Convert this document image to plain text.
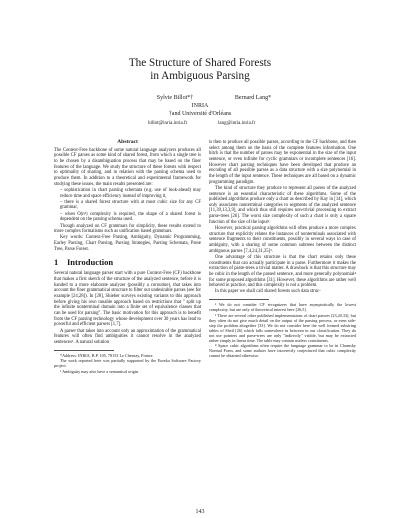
The Structure of Shared Forests
in Ambiguous Parsing
Sylvie Billot*†	Bernard Lang*
INRIA
†and Université d'Orléans
billot@inria.inria.fr	lang@inria.inria.fr
Abstract

The Context-Free backbone of some natural language analyzers produces all possible CF parses as some kind of shared forest, from which a single tree is to be chosen by a disambiguation process that may be based on the finer features of the language. We study the structure of these forests with respect to optimality of sharing, and in relation with the parsing schema used to produce them. In addition to a theoretical and experimental framework for studying these issues, the main results presented are:

– sophistication in chart parsing schemata (e.g. use of look-ahead) may reduce time and space efficiency instead of improving it,

– there is a shared forest structure with at most cubic size for any CF grammar,

– when O(n³) complexity is required, the shape of a shared forest is dependent on the parsing schema used.

Though analyzed on CF grammars for simplicity, these results extend to more complex formalisms such as unification based grammars.

Key words: Context-Free Parsing, Ambiguity, Dynamic Programming, Earley Parsing, Chart Parsing, Parsing Strategies, Parsing Schemata, Parse Tree, Parse Forest.

1 Introduction

Several natural language parser start with a pure Context-Free (CF) backbone that makes a first sketch of the structure of the analyzed sentence, before it is handed to a more elaborate analyzer (possibly a coroutine), that takes into account the finer grammatical structure to filter out undesirable parses (see for example [24,28]). In [28], Shieber surveys existing variants to this approach before giving his own tunable approach based on restrictions that " split up the infinite nonterminal domain into a finite set of equivalence classes that can be used for parsing". The basic motivation for this approach is to benefit from the CF parsing technology whose development over 30 years has lead to powerful and efficient parsers [1,7].

A parser that takes into account only an approximation of the grammatical features will often find ambiguities it cannot resolve in the analyzed sentences¹. A natural solution

*Address: INRIA, B.P. 105, 78153 Le Chesnay, France.

The work reported here was partially supported by the Eureka Software Factory project.

¹ Ambiguity may also have a semantical origin.

is then to produce all possible parses, according to the CF backbone, and then select among them on the basis of the complete features information. One hitch is that the number of parses may be exponential in the size of the input sentence, or even infinite for cyclic grammars or incomplete sentences [16]. However chart parsing techniques have been developed that produce an encoding of all possible parses as a data structure with a size polynomial in the length of the input sentence. These techniques are all based on a dynamic programming paradigm.

The kind of structure they produce to represent all parses of the analyzed sentence is an essential characteristic of these algorithms. Some of the published algorithms produce only a chart as described by Kay in [14], which only associates nonterminal categories to segments of the analyzed sentence [11,39,13,3,9], and which thus still requires non-trivial processing to extract parse-trees [26]. The worst size complexity of such a chart is only a square function of the size of the input².

However, practical parsing algorithms will often produce a more complex structure that explicitly relates the instances of nonterminals associated with sentence fragments to their constituents, possibly in several ways in case of ambiguity, with a sharing of some common subtrees between the distinct ambiguous parses [7,4,24,31,25]³.

One advantage of this structure is that the chart retains only these constituents that can actually participate in a parse. Furthermore it makes the extraction of parse-trees a trivial matter. A drawback is that this structure may be cubic in the length of the parsed sentence, and more generally polynomial⁴ for some proposed algorithms [31]. However, these algorithms are rather well behaved in practice, and this complexity is not a problem.

In this paper we shall call shared forests such data struc-

² We do not consider CF recognizers that have asymptotically the lowest complexity, but are only of theoretical interest here [26,5].

³ There are several other published implementations of chart parsers [23,20,33], but they often do not give much detail on the output of the parsing process, or even side-step the problem altogether [33]. We do not consider here the well formed substring tables of Sheil [26] which falls somewhere in between in our classification. They do not use pointers and parse-trees are only "indirectly" visible, but may be extracted rather simply in linear time. The table may contain useless constituents.

⁴ Space cubic algorithms often require the language grammar to be in Chomsky Normal Form, and some authors have incorrectly conjectured that cubic complexity cannot be obtained otherwise.

143
